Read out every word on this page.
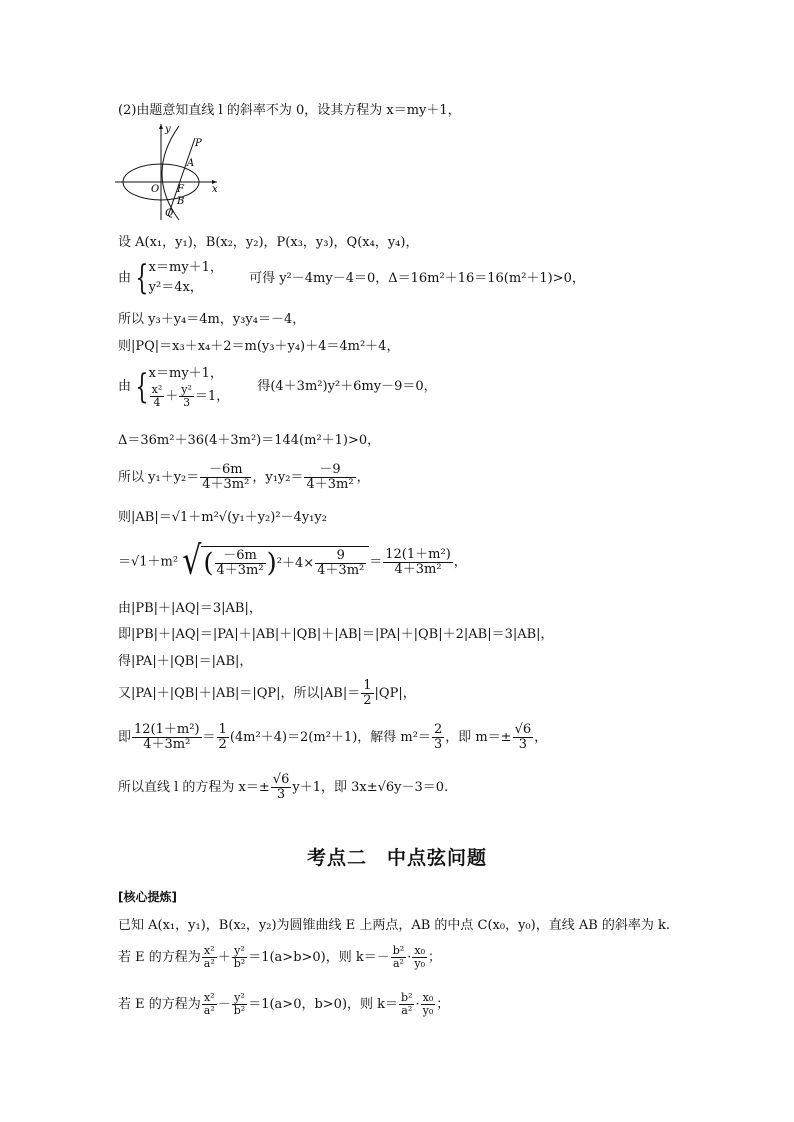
(2)由题意知直线 l 的斜率不为 0，设其方程为 x＝my＋1，
x
y
O F
P
A
B
Q
设 A(x₁，y₁)，B(x₂，y₂)，P(x₃，y₃)，Q(x₄，y₄)，
由 { x＝my＋1，
y²＝4x，
可得 y²－4my－4＝0，Δ＝16m²＋16＝16(m²＋1)>0，
所以 y₃＋y₄＝4m，y₃y₄＝－4，
则|PQ|＝x₃＋x₄＋2＝m(y₃＋y₄)＋4＝4m²＋4，
由 { x＝my＋1，
$\frac{\text{x²}}{4} + \frac{\text{y²}}{3} =1$，
得(4＋3m²)y²＋6my－9＝0，
Δ＝36m²＋36(4＋3m²)＝144(m²＋1)>0，
所以 $y_1+y_2= \frac{-6m}{\text{4＋3m²}}$ ，$y_1y_2= \frac{-9}{\text{4＋3m²}}$ ，
则|AB|＝√1＋m²√(y₁＋y₂)²－4y₁y₂
＝√1＋m² √( $\frac{-6m}{\text{4＋3m²}} )^2+4\times \frac{9}{\text{4＋3m²}} = \frac{\text{12(1＋m²)}}{\text{4＋3m²}}$ ，
由|PB|＋|AQ|＝3|AB|，
即|PB|＋|AQ|＝|PA|＋|AB|＋|QB|＋|AB|＝|PA|＋|QB|＋2|AB|＝3|AB|，
得|PA|＋|QB|＝|AB|，
又|PA|＋|QB|＋|AB|＝|QP|，所以$|AB|= \frac{1}{2} |QP|$，
即 $\frac{\text{12(1＋m²)}}{\text{4＋3m²}} = \frac{1}{2} (4m^2+4)=2(m^2+1)$，解得 $m^2= \frac{2}{3}$ ，即 $m=\pm \frac{√6}{3}$ ，
所以直线 l 的方程为 $x=\pm \frac{√6}{3} y+1$，即 3x±√6y－3＝0.
考点二　中点弦问题
[核心提炼]
已知 A(x₁，y₁)，B(x₂，y₂)为圆锥曲线 E 上两点，AB 的中点 C(x₀，y₀)，直线 AB 的斜率为 k.
若 E 的方程为 $\frac{\text{x²}}{\text{a²}} + \frac{\text{y²}}{\text{b²}} =1(a>b>0)$，则 $k=- \frac{\text{b²}}{\text{a²}} \cdot \frac{\text{x₀}}{\text{y₀}}$ ；
若 E 的方程为 $\frac{\text{x²}}{\text{a²}} - \frac{\text{y²}}{\text{b²}} =1(a>0$，b>0)，则 $k= \frac{\text{b²}}{\text{a²}} \cdot \frac{\text{x₀}}{\text{y₀}}$ ；
